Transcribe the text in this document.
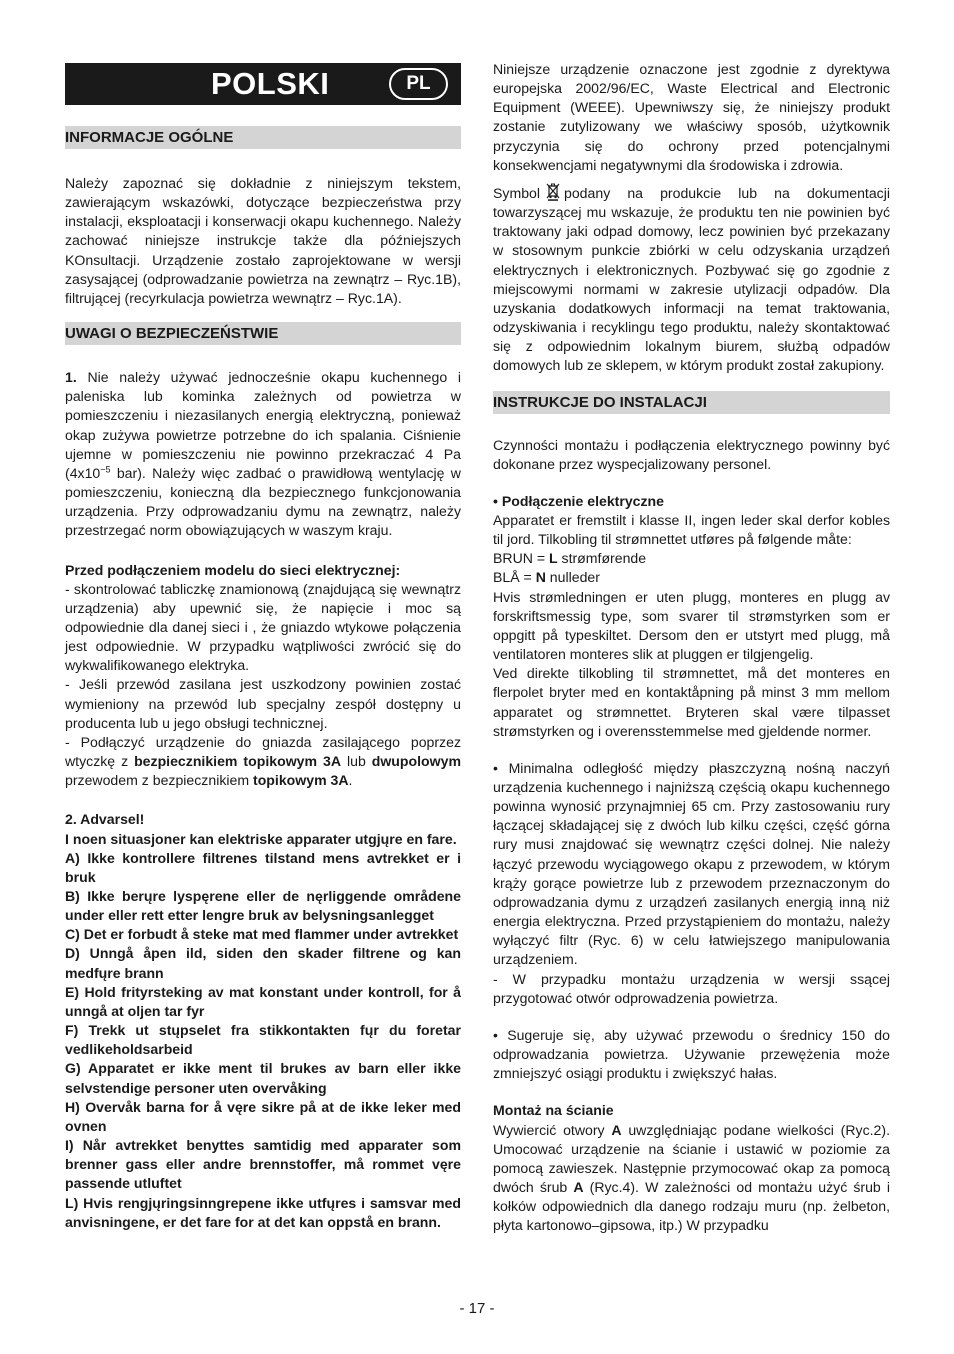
POLSKI	PL
INFORMACJE OGÓLNE

Należy zapoznać się dokładnie z niniejszym tekstem, zawierającym wskazówki, dotyczące bezpieczeństwa przy instalacji, eksploatacji i konserwacji okapu kuchennego. Należy zachować niniejsze instrukcje także dla późniejszych KOnsultacji. Urządzenie zostało zaprojektowane w wersji zasysającej (odprowadzanie powietrza na zewnątrz – Ryc.1B), filtrującej (recyrkulacja powietrza wewnątrz – Ryc.1A).

UWAGI O BEZPIECZEŃSTWIE

1. Nie należy używać jednocześnie okapu kuchennego i paleniska lub kominka zależnych od powietrza w pomieszczeniu i niezasilanych energią elektryczną, ponieważ okap zużywa powietrze potrzebne do ich spalania. Ciśnienie ujemne w pomieszczeniu nie powinno przekraczać 4 Pa ($4x10^{-5}$ bar). Należy więc zadbać o prawidłową wentylację w pomieszczeniu, konieczną dla bezpiecznego funkcjonowania urządzenia. Przy odprowadzaniu dymu na zewnątrz, należy przestrzegać norm obowiązujących w waszym kraju.

Przed podłączeniem modelu do sieci elektrycznej:

- skontrolować tabliczkę znamionową (znajdującą się wewnątrz urządzenia) aby upewnić się, że napięcie i moc są odpowiednie dla danej sieci i , że gniazdo wtykowe połączenia jest odpowiednie. W przypadku wątpliwości zwrócić się do wykwalifikowanego elektryka.

- Jeśli przewód zasilana jest uszkodzony powinien zostać wymieniony na przewód lub specjalny zespół dostępny u producenta lub u jego obsługi technicznej.

- Podłączyć urządzenie do gniazda zasilającego poprzez wtyczkę z bezpiecznikiem topikowym 3A lub dwupolowym przewodem z bezpiecznikiem topikowym 3A.

2. Advarsel!

I noen situasjoner kan elektriske apparater utgjųre en fare.

A) Ikke kontrollere filtrenes tilstand mens avtrekket er i bruk

B) Ikke berųre lyspęrene eller de nęrliggende områdene under eller rett etter lengre bruk av belysningsanlegget

C) Det er forbudt å steke mat med flammer under avtrekket

D) Unngå åpen ild, siden den skader filtrene og kan medfųre brann

E) Hold frityrsteking av mat konstant under kontroll, for å unngå at oljen tar fyr

F) Trekk ut stųpselet fra stikkontakten fųr du foretar vedlikeholdsarbeid

G) Apparatet er ikke ment til brukes av barn eller ikke selvstendige personer uten overvåking

H) Overvåk barna for å vęre sikre på at de ikke leker med ovnen

I) Når avtrekket benyttes samtidig med apparater som brenner gass eller andre brennstoffer, må rommet vęre passende utluftet

L) Hvis rengjųringsinngrepene ikke utfųres i samsvar med anvisningene, er det fare for at det kan oppstå en brann.

Niniejsze urządzenie oznaczone jest zgodnie z dyrektywa europejska 2002/96/EC, Waste Electrical and Electronic Equipment (WEEE). Upewniwszy się, że niniejszy produkt zostanie zutylizowany we właściwy sposób, użytkownik przyczynia się do ochrony przed potencjalnymi konsekwencjami negatywnymi dla środowiska i zdrowia.

Symbol podany na produkcie lub na dokumentacji towarzyszącej mu wskazuje, że produktu ten nie powinien być traktowany jaki odpad domowy, lecz powinien być przekazany w stosownym punkcie zbiórki w celu odzyskania urządzeń elektrycznych i elektronicznych. Pozbywać się go zgodnie z miejscowymi normami w zakresie utylizacji odpadów. Dla uzyskania dodatkowych informacji na temat traktowania, odzyskiwania i recyklingu tego produktu, należy skontaktować się z odpowiednim lokalnym biurem, służbą odpadów domowych lub ze sklepem, w którym produkt został zakupiony.

INSTRUKCJE DO INSTALACJI

Czynności montażu i podłączenia elektrycznego powinny być dokonane przez wyspecjalizowany personel.

• Podłączenie elektryczne

Apparatet er fremstilt i klasse II, ingen leder skal derfor kobles til jord. Tilkobling til strømnettet utføres på følgende måte:

BRUN = L strømførende

BLÅ = N nulleder

Hvis strømledningen er uten plugg, monteres en plugg av forskriftsmessig type, som svarer til strømstyrken som er oppgitt på typeskiltet. Dersom den er utstyrt med plugg, må ventilatoren monteres slik at pluggen er tilgjengelig.

Ved direkte tilkobling til strømnettet, må det monteres en flerpolet bryter med en kontaktåpning på minst 3 mm mellom apparatet og strømnettet. Bryteren skal være tilpasset strømstyrken og i overensstemmelse med gjeldende normer.

• Minimalna odległość między płaszczyzną nośną naczyń urządzenia kuchennego i najniższą częścią okapu kuchennego powinna wynosić przynajmniej 65 cm. Przy zastosowaniu rury łączącej składającej się z dwóch lub kilku części, część górna rury musi znajdować się wewnątrz części dolnej. Nie należy łączyć przewodu wyciągowego okapu z przewodem, w którym krąży gorące powietrze lub z przewodem przeznaczonym do odprowadzania dymu z urządzeń zasilanych energią inną niż energia elektryczna. Przed przystąpieniem do montażu, należy wyłączyć filtr (Ryc. 6) w celu łatwiejszego manipulowania urządzeniem.

- W przypadku montażu urządzenia w wersji ssącej przygotować otwór odprowadzenia powietrza.

• Sugeruje się, aby używać przewodu o średnicy 150 do odprowadzania powietrza. Używanie przewężenia może zmniejszyć osiągi produktu i zwiększyć hałas.

Montaż na ścianie

Wywiercić otwory A uwzględniając podane wielkości (Ryc.2). Umocować urządzenie na ścianie i ustawić w poziomie za pomocą zawieszek. Następnie przymocować okap za pomocą dwóch śrub A (Ryc.4). W zależności od montażu użyć śrub i kołków odpowiednich dla danego rodzaju muru (np. żelbeton, płyta kartonowo–gipsowa, itp.) W przypadku

- 17 -
